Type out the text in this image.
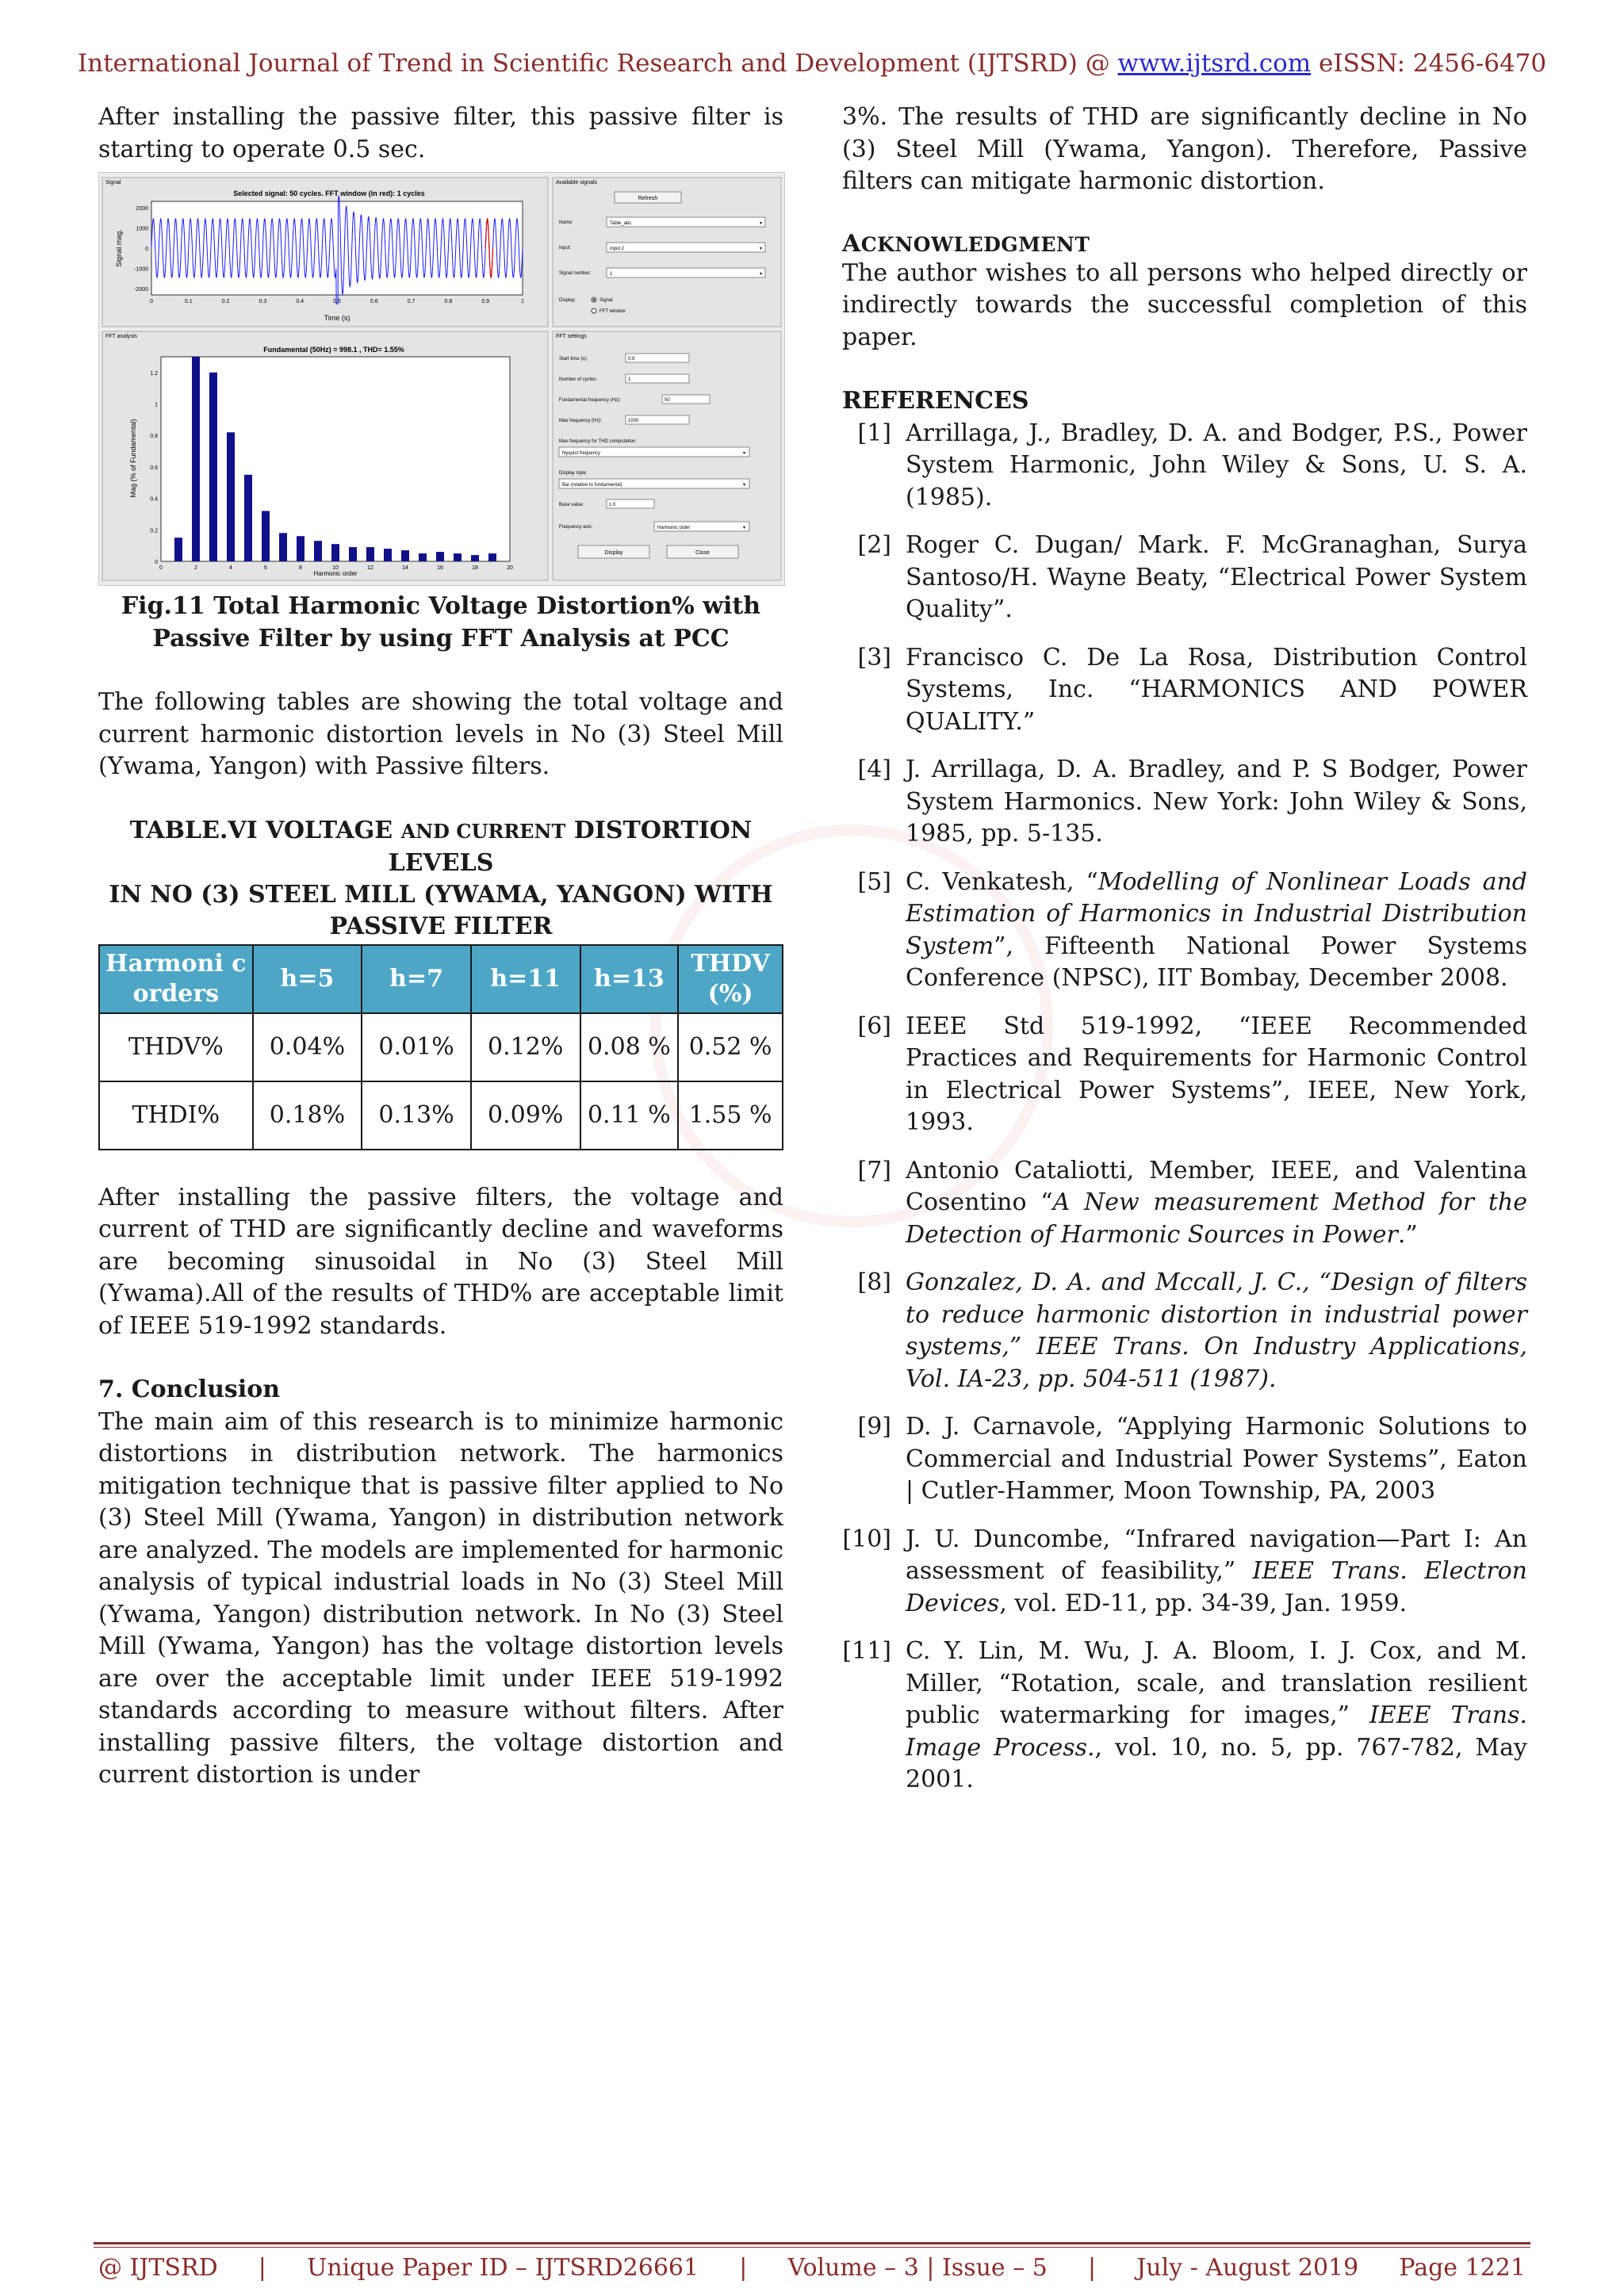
International Journal of Trend in Scientific Research and Development (IJTSRD) @ www.ijtsrd.com eISSN: 2456-6470

After installing the passive filter, this passive filter is starting to operate 0.5 sec.

Signal
FFT analysis
Available signals
FFT settings
Selected signal: 50 cycles. FFT window (in red): 1 cycles
2000
1000
0
-1000
-2000
0	0.1	0.2	0.3	0.4	0.5	0.6	0.7	0.8	0.9	1
Signal mag.
Time (s)
Fundamental (50Hz) = 998.1 , THD= 1.55%
1.2
1
0.8
0.6
0.4
0.2
0
0	2	4	6	8	10	12	14	16	18	20
Mag (% of Fundamental)
Harmonic order
Refresh
Name:	Table_abc	▾
Input:	input 2	▾
Signal number:	1	▾
Display:	Signal
FFT window
Start time (s):	0.9
Number of cycles:	1
Fundamental frequency (Hz):	50
Max frequency (Hz):	1000
Max frequency for THD computation:
Nyquist frequency	▾
Display style:
Bar (relative to fundamental)	▾
Base value:	1.0
Frequency axis:	Harmonic order	▾
Display	Close
Fig.11 Total Harmonic Voltage Distortion% with
Passive Filter by using FFT Analysis at PCC

The following tables are showing the total voltage and current harmonic distortion levels in No (3) Steel Mill (Ywama, Yangon) with Passive filters.

TABLE.VI VOLTAGE AND CURRENT DISTORTION LEVELS
IN NO (3) STEEL MILL (YWAMA, YANGON) WITH
PASSIVE FILTER
Harmoni c orders	h=5	h=7	h=11	h=13	THDV (%)
THDV%	0.04%	0.01%	0.12%	0.08 %	0.52 %
THDI%	0.18%	0.13%	0.09%	0.11 %	1.55 %

After installing the passive filters, the voltage and current of THD are significantly decline and waveforms are becoming sinusoidal in No (3) Steel Mill (Ywama).All of the results of THD% are acceptable limit of IEEE 519-1992 standards.

7. Conclusion

The main aim of this research is to minimize harmonic distortions in distribution network. The harmonics mitigation technique that is passive filter applied to No (3) Steel Mill (Ywama, Yangon) in distribution network are analyzed. The models are implemented for harmonic analysis of typical industrial loads in No (3) Steel Mill (Ywama, Yangon) distribution network. In No (3) Steel Mill (Ywama, Yangon) has the voltage distortion levels are over the acceptable limit under IEEE 519-1992 standards according to measure without filters. After installing passive filters, the voltage distortion and current distortion is under

3%. The results of THD are significantly decline in No (3) Steel Mill (Ywama, Yangon). Therefore, Passive filters can mitigate harmonic distortion.

ACKNOWLEDGMENT

The author wishes to all persons who helped directly or indirectly towards the successful completion of this paper.

REFERENCES
[1] Arrillaga, J., Bradley, D. A. and Bodger, P.S., Power System Harmonic, John Wiley & Sons, U. S. A. (1985).
[2] Roger C. Dugan/ Mark. F. McGranaghan, Surya Santoso/H. Wayne Beaty, “Electrical Power System Quality”.
[3] Francisco C. De La Rosa, Distribution Control Systems, Inc. “HARMONICS AND POWER QUALITY.”
[4] J. Arrillaga, D. A. Bradley, and P. S Bodger, Power System Harmonics. New York: John Wiley & Sons, 1985, pp. 5-135.
[5] C. Venkatesh, “Modelling of Nonlinear Loads and Estimation of Harmonics in Industrial Distribution System”, Fifteenth National Power Systems Conference (NPSC), IIT Bombay, December 2008.
[6] IEEE Std 519-1992, “IEEE Recommended Practices and Requirements for Harmonic Control in Electrical Power Systems”, IEEE, New York, 1993.
[7] Antonio Cataliotti, Member, IEEE, and Valentina Cosentino “A New measurement Method for the Detection of Harmonic Sources in Power.”
[8] Gonzalez, D. A. and Mccall, J. C., “Design of filters to reduce harmonic distortion in industrial power systems,” IEEE Trans. On Industry Applications, Vol. IA-23, pp. 504-511 (1987).
[9] D. J. Carnavole, “Applying Harmonic Solutions to Commercial and Industrial Power Systems”, Eaton | Cutler-Hammer, Moon Township, PA, 2003
[10] J. U. Duncombe, “Infrared navigation—Part I: An assessment of feasibility,” IEEE Trans. Electron Devices, vol. ED-11, pp. 34-39, Jan. 1959.
[11] C. Y. Lin, M. Wu, J. A. Bloom, I. J. Cox, and M. Miller, “Rotation, scale, and translation resilient public watermarking for images,” IEEE Trans. Image Process., vol. 10, no. 5, pp. 767-782, May 2001.
@ IJTSRD | Unique Paper ID – IJTSRD26661 | Volume – 3 | Issue – 5 | July - August 2019 Page 1221
